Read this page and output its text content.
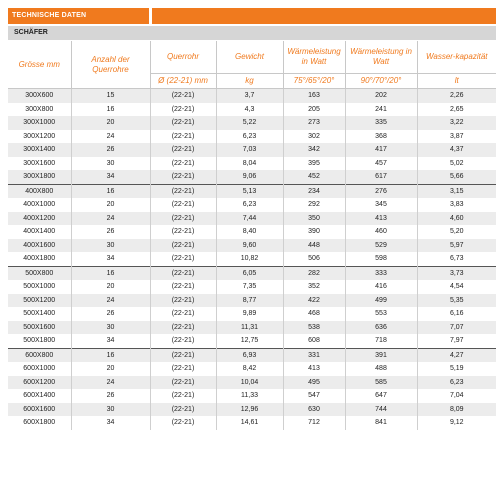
TECHNISCHE DATEN
SCHÄFER
Grösse mm	Anzahl der Querrohre	Querrohr	Gewicht	Wärmeleistung in Watt	Wärmeleistung in Watt	Wasser-kapazität
		Ø (22-21) mm	kg	75°/65°/20°	90°/70°/20°	lt
300X600	15	(22-21)	3,7	163	202	2,26
300X800	16	(22-21)	4,3	205	241	2,65
300X1000	20	(22-21)	5,22	273	335	3,22
300X1200	24	(22-21)	6,23	302	368	3,87
300X1400	26	(22-21)	7,03	342	417	4,37
300X1600	30	(22-21)	8,04	395	457	5,02
300X1800	34	(22-21)	9,06	452	617	5,66
400X800	16	(22-21)	5,13	234	276	3,15
400X1000	20	(22-21)	6,23	292	345	3,83
400X1200	24	(22-21)	7,44	350	413	4,60
400X1400	26	(22-21)	8,40	390	460	5,20
400X1600	30	(22-21)	9,60	448	529	5,97
400X1800	34	(22-21)	10,82	506	598	6,73
500X800	16	(22-21)	6,05	282	333	3,73
500X1000	20	(22-21)	7,35	352	416	4,54
500X1200	24	(22-21)	8,77	422	499	5,35
500X1400	26	(22-21)	9,89	468	553	6,16
500X1600	30	(22-21)	11,31	538	636	7,07
500X1800	34	(22-21)	12,75	608	718	7,97
600X800	16	(22-21)	6,93	331	391	4,27
600X1000	20	(22-21)	8,42	413	488	5,19
600X1200	24	(22-21)	10,04	495	585	6,23
600X1400	26	(22-21)	11,33	547	647	7,04
600X1600	30	(22-21)	12,96	630	744	8,09
600X1800	34	(22-21)	14,61	712	841	9,12
